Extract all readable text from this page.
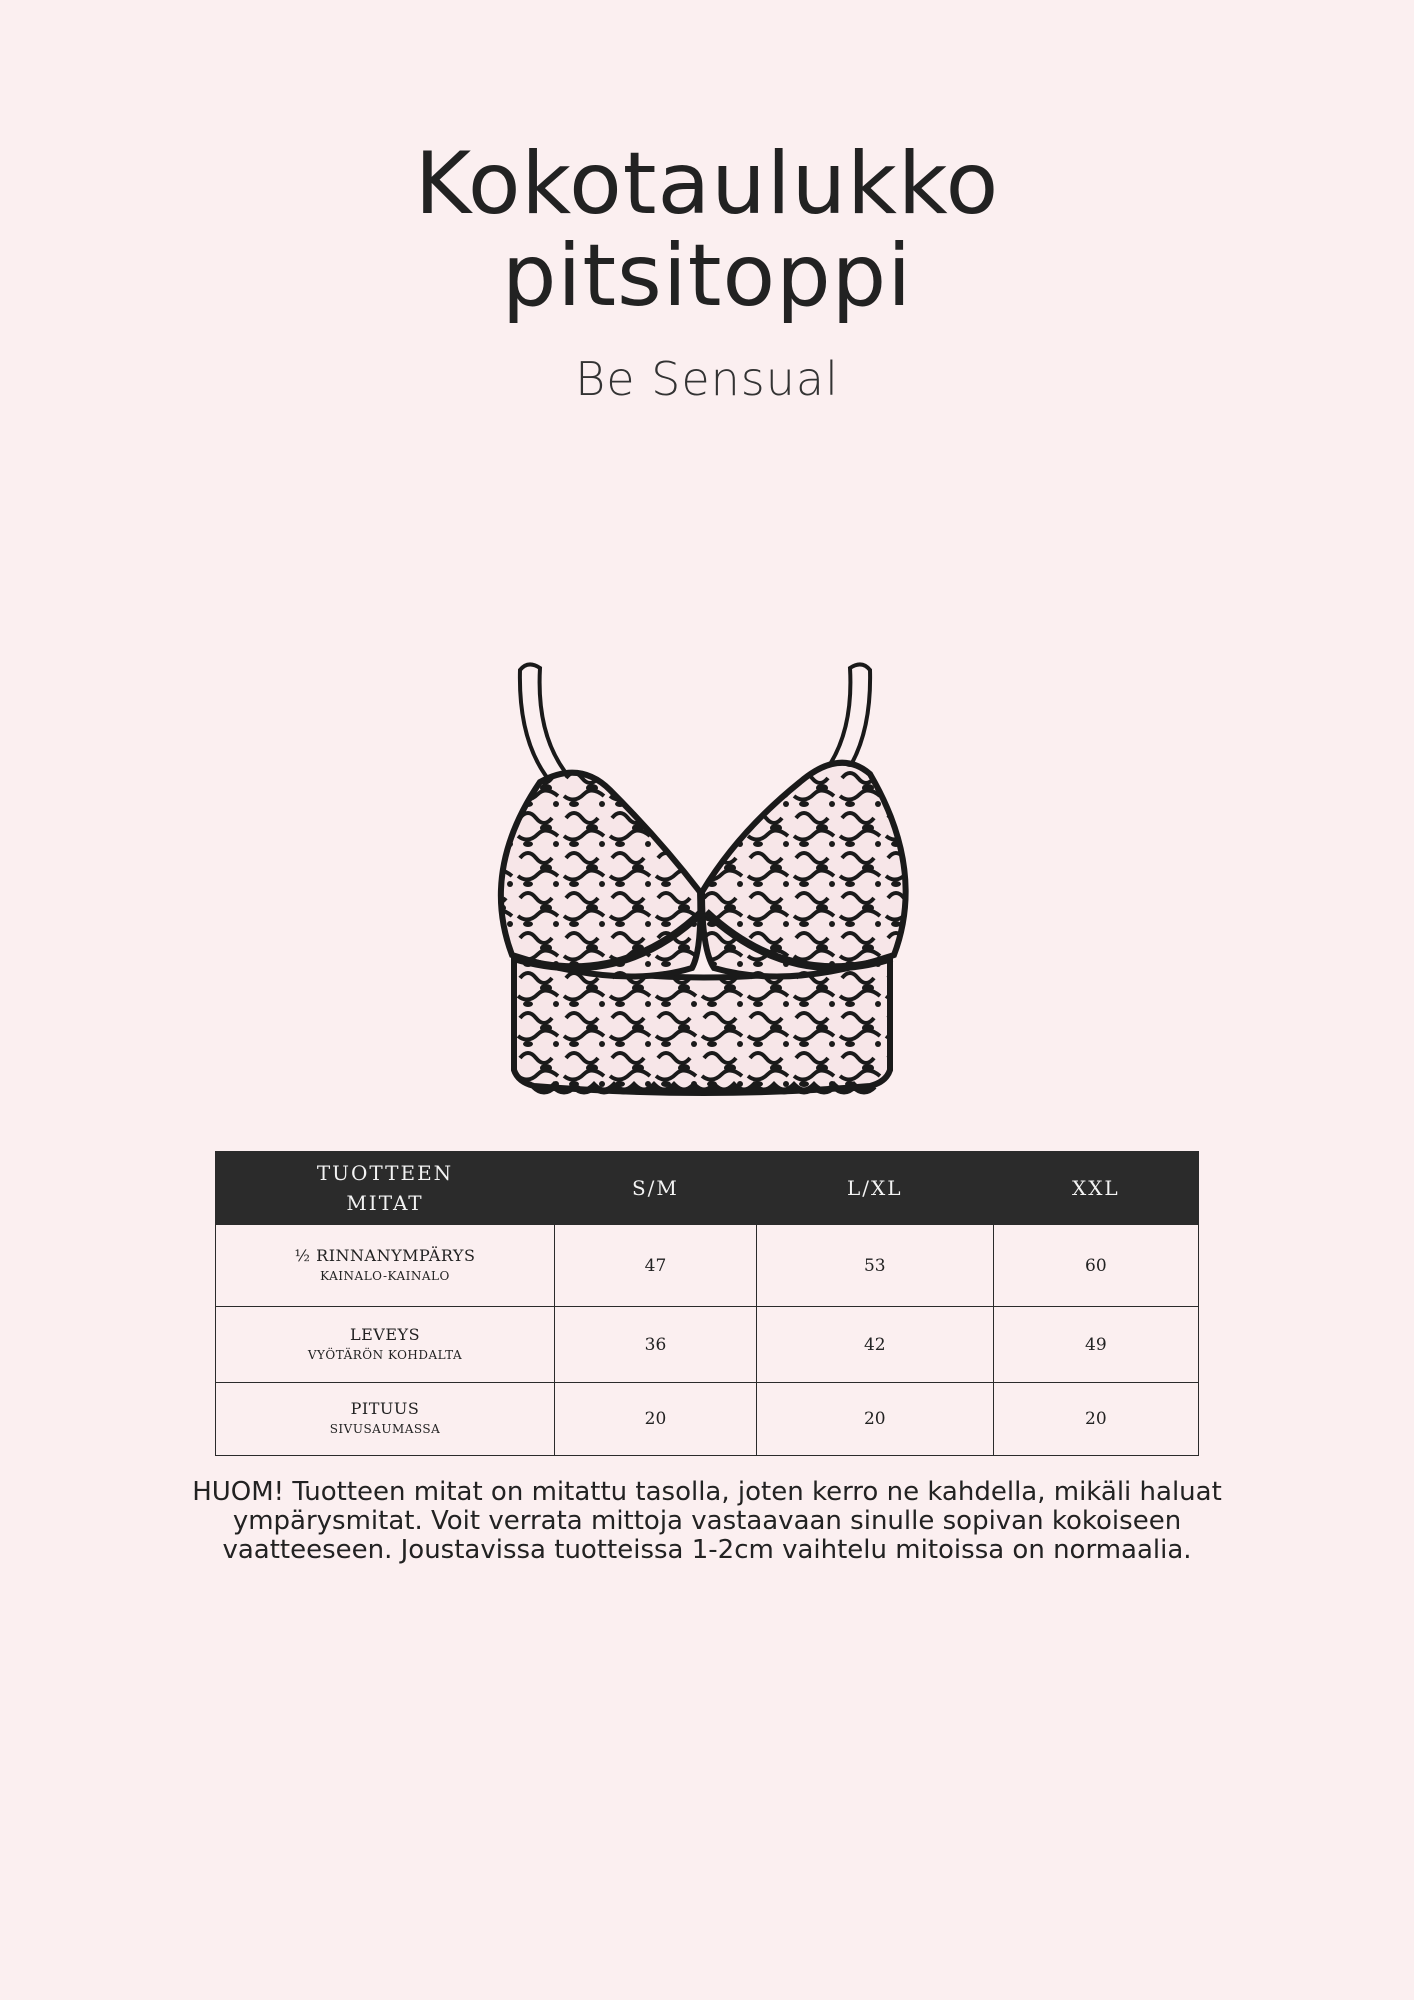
Kokotaulukko
pitsitoppi
Be Sensual
TUOTTEEN
MITAT	S/M	L/XL	XXL

½ RINNANYMPÄRYS
KAINALO-KAINALO	47	53	60

LEVEYS
VYÖTÄRÖN KOHDALTA	36	42	49

PITUUS
SIVUSAUMASSA	20	20	20
HUOM! Tuotteen mitat on mitattu tasolla, joten kerro ne kahdella, mikäli haluat
ympärysmitat. Voit verrata mittoja vastaavaan sinulle sopivan kokoiseen
vaatteeseen. Joustavissa tuotteissa 1-2cm vaihtelu mitoissa on normaalia.
